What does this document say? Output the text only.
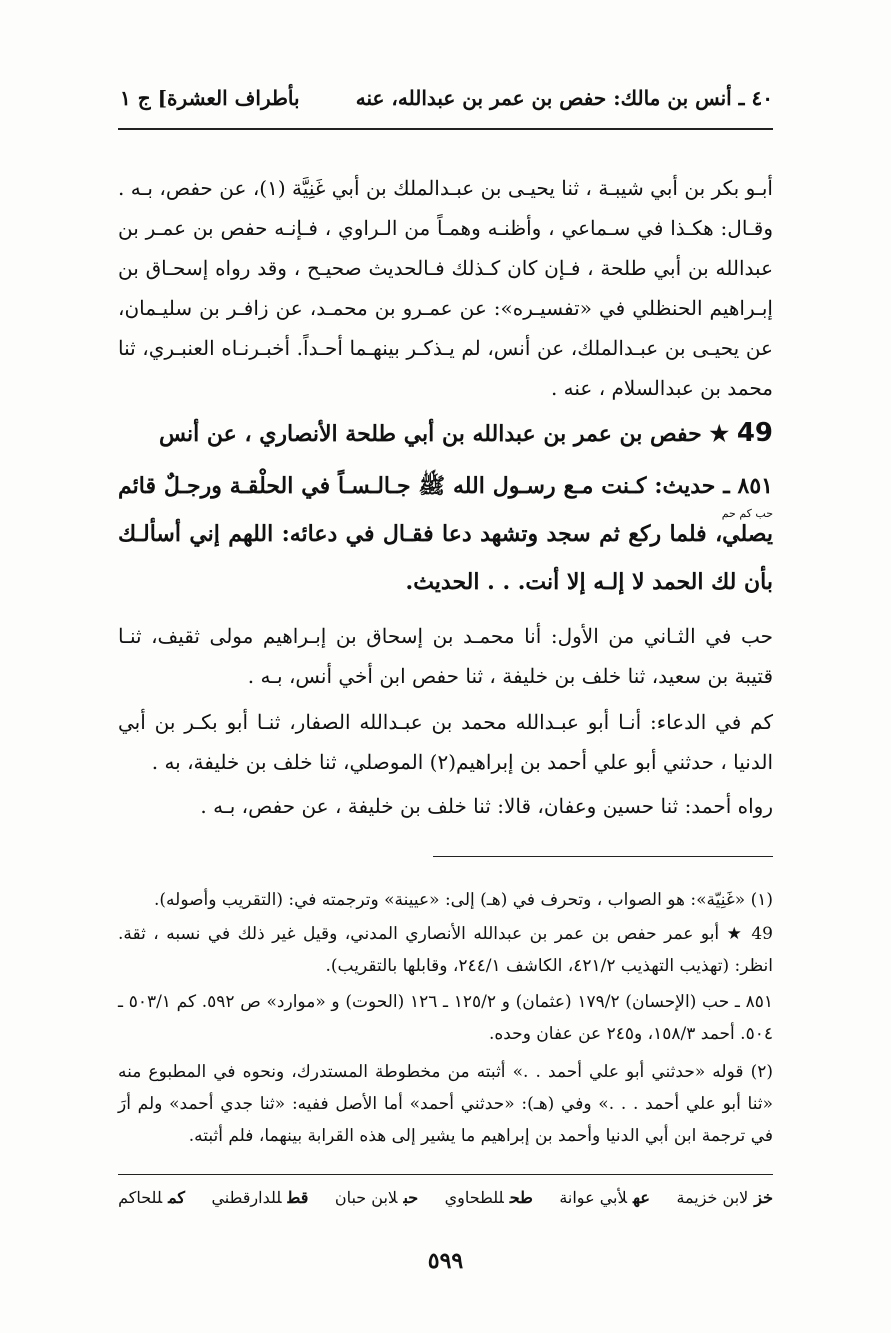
بأطراف العشرة] ج ١	٤٠ ـ أنس بن مالك: حفص بن عمر بن عبدالله، عنه

أبـو بكر بن أبي شيبـة ، ثنا يحيـى بن عبـدالملك بن أبي غَنِيَّة (١)، عن حفص، بـه . وقـال: هكـذا في سـماعي ، وأظنـه وهمـاً من الـراوي ، فـإنـه حفص بن عمـر بن عبدالله بن أبي طلحة ، فـإن كان كـذلك فـالحديث صحيـح ، وقد رواه إسحـاق بن إبـراهيم الحنظلي في «تفسيـره»: عن عمـرو بن محمـد، عن زافـر بن سليـمان، عن يحيـى بن عبـدالملك، عن أنس، لم يـذكـر بينهـما أحـداً. أخبـرنـاه العنبـري، ثنا محمد بن عبدالسلام ، عنه .

49 ★ حفص بن عمر بن عبدالله بن أبي طلحة الأنصاري ، عن أنس
حب كم حم

٨٥١ ـ حديث: كـنت مـع رسـول الله ﷺ جـالـسـاً في الحلْقـة ورجـلٌ قائم يصلي، فلما ركع ثم سجد وتشهد دعا فقـال في دعائه: اللهم إني أسألـك بأن لك الحمد لا إلـه إلا أنت. . . الحديث.

حب في الثـاني من الأول: أنا محمـد بن إسحاق بن إبـراهيم مولى ثقيف، ثنـا قتيبة بن سعيد، ثنا خلف بن خليفة ، ثنا حفص ابن أخي أنس، بـه .

كم في الدعاء: أنـا أبو عبـدالله محمد بن عبـدالله الصفار، ثنـا أبو بكـر بن أبي الدنيا ، حدثني أبو علي أحمد بن إبراهيم(٢) الموصلي، ثنا خلف بن خليفة، به .

رواه أحمد: ثنا حسين وعفان، قالا: ثنا خلف بن خليفة ، عن حفص، بـه .

(١) «غَنِيّة»: هو الصواب ، وتحرف في (هـ) إلى: «عيينة» وترجمته في: (التقريب وأصوله).

49 ★ أبو عمر حفص بن عمر بن عبدالله الأنصاري المدني، وقيل غير ذلك في نسبه ، ثقة. انظر: (تهذيب التهذيب ٤٢١/٢، الكاشف ٢٤٤/١، وقابلها بالتقريب).

٨٥١ ـ حب (الإحسان) ١٧٩/٢ (عثمان) و ١٢٥/٢ ـ ١٢٦ (الحوت) و «موارد» ص ٥٩٢. كم ٥٠٣/١ ـ ٥٠٤. أحمد ١٥٨/٣، و٢٤٥ عن عفان وحده.

(٢) قوله «حدثني أبو علي أحمد . .» أثبته من مخطوطة المستدرك، ونحوه في المطبوع منه «ثنا أبو علي أحمد . . .» وفي (هـ): «حدثني أحمد» أما الأصل ففيه: «ثنا جدي أحمد» ولم أرَ في ترجمة ابن أبي الدنيا وأحمد بن إبراهيم ما يشير إلى هذه القرابة بينهما، فلم أثبته.

خزلابن خزيمة
عهلأبي عوانة
طحللطحاوي
حبلابن حبان
قطللدارقطني
كمللحاكم
٥٩٩
